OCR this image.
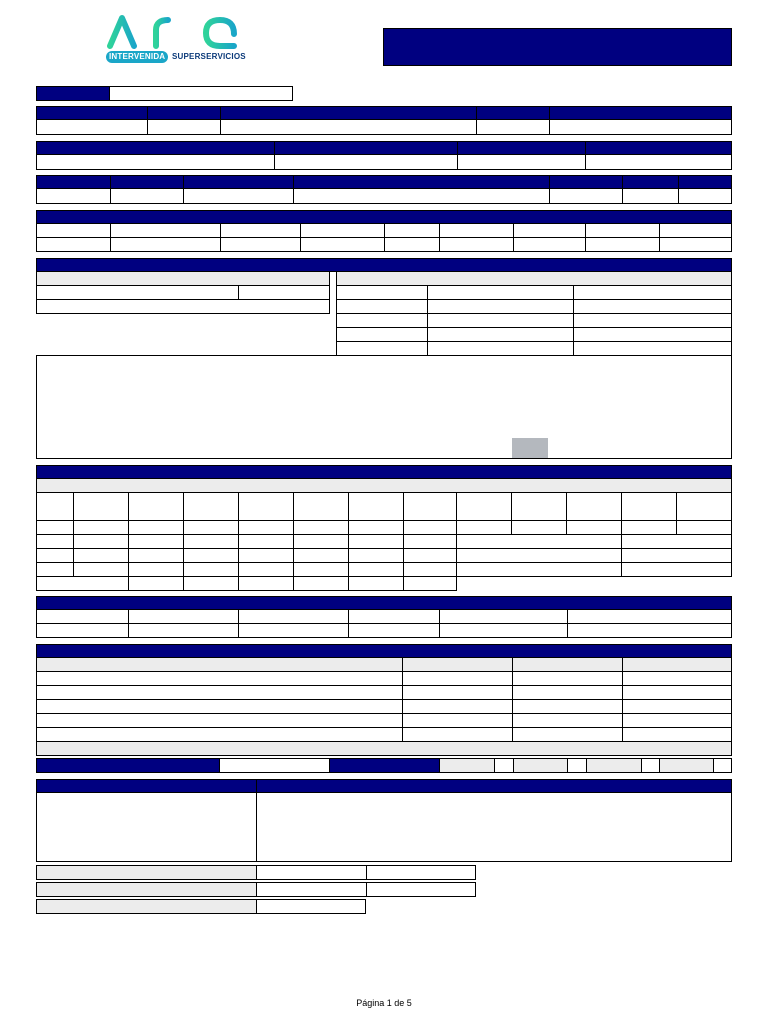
INTERVENIDA SUPERSERVICIOS
Página 1 de 5
